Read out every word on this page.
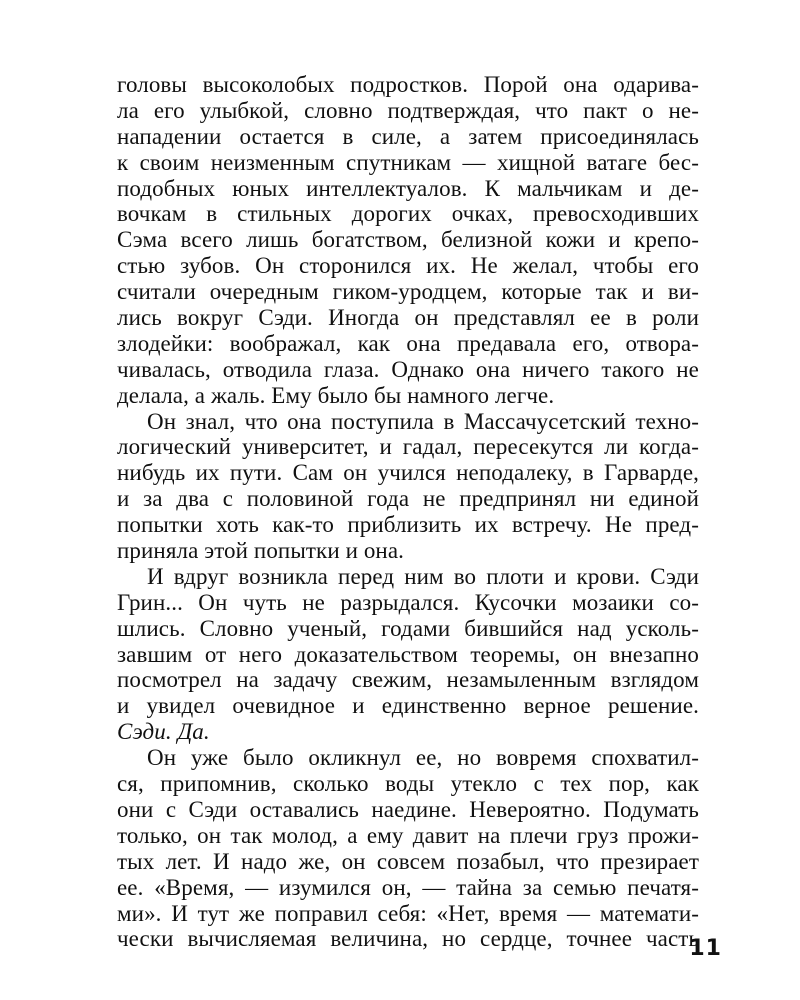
головы высоколобых подростков. Порой она одарива-
ла его улыбкой, словно подтверждая, что пакт о не-
нападении остается в силе, а затем присоединялась
к своим неизменным спутникам — хищной ватаге бес-
подобных юных интеллектуалов. К мальчикам и де-
вочкам в стильных дорогих очках, превосходивших
Сэма всего лишь богатством, белизной кожи и крепо-
стью зубов. Он сторонился их. Не желал, чтобы его
считали очередным гиком-уродцем, которые так и ви-
лись вокруг Сэди. Иногда он представлял ее в роли
злодейки: воображал, как она предавала его, отвора-
чивалась, отводила глаза. Однако она ничего такого не
делала, а жаль. Ему было бы намного легче.
Он знал, что она поступила в Массачусетский техно-
логический университет, и гадал, пересекутся ли когда-
нибудь их пути. Сам он учился неподалеку, в Гарварде,
и за два с половиной года не предпринял ни единой
попытки хоть как-то приблизить их встречу. Не пред-
приняла этой попытки и она.
И вдруг возникла перед ним во плоти и крови. Сэди
Грин... Он чуть не разрыдался. Кусочки мозаики со-
шлись. Словно ученый, годами бившийся над усколь-
завшим от него доказательством теоремы, он внезапно
посмотрел на задачу свежим, незамыленным взглядом
и увидел очевидное и единственно верное решение.
Сэди. Да.
Он уже было окликнул ее, но вовремя спохватил-
ся, припомнив, сколько воды утекло с тех пор, как
они с Сэди оставались наедине. Невероятно. Подумать
только, он так молод, а ему давит на плечи груз прожи-
тых лет. И надо же, он совсем позабыл, что презирает
ее. «Время, — изумился он, — тайна за семью печатя-
ми». И тут же поправил себя: «Нет, время — математи-
чески вычисляемая величина, но сердце, точнее часть
11
